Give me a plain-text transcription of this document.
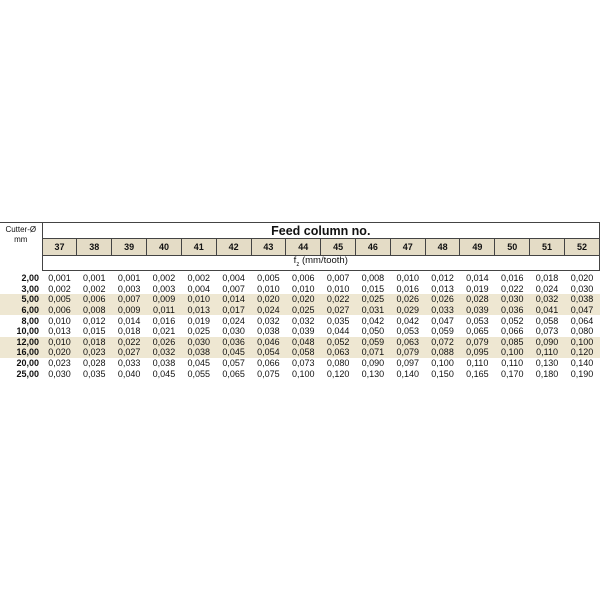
Cutter-Ø
mm	Feed column no.															
	37	38	39	40	41	42	43	44	45	46	47	48	49	50	51	52
	$f_z$ (mm/tooth)															
2,00	0,001	0,001	0,001	0,002	0,002	0,004	0,005	0,006	0,007	0,008	0,010	0,012	0,014	0,016	0,018	0,020
3,00	0,002	0,002	0,003	0,003	0,004	0,007	0,010	0,010	0,010	0,015	0,016	0,013	0,019	0,022	0,024	0,030
5,00	0,005	0,006	0,007	0,009	0,010	0,014	0,020	0,020	0,022	0,025	0,026	0,026	0,028	0,030	0,032	0,038
6,00	0,006	0,008	0,009	0,011	0,013	0,017	0,024	0,025	0,027	0,031	0,029	0,033	0,039	0,036	0,041	0,047
8,00	0,010	0,012	0,014	0,016	0,019	0,024	0,032	0,032	0,035	0,042	0,042	0,047	0,053	0,052	0,058	0,064
10,00	0,013	0,015	0,018	0,021	0,025	0,030	0,038	0,039	0,044	0,050	0,053	0,059	0,065	0,066	0,073	0,080
12,00	0,010	0,018	0,022	0,026	0,030	0,036	0,046	0,048	0,052	0,059	0,063	0,072	0,079	0,085	0,090	0,100
16,00	0,020	0,023	0,027	0,032	0,038	0,045	0,054	0,058	0,063	0,071	0,079	0,088	0,095	0,100	0,110	0,120
20,00	0,023	0,028	0,033	0,038	0,045	0,057	0,066	0,073	0,080	0,090	0,097	0,100	0,110	0,110	0,130	0,140
25,00	0,030	0,035	0,040	0,045	0,055	0,065	0,075	0,100	0,120	0,130	0,140	0,150	0,165	0,170	0,180	0,190
